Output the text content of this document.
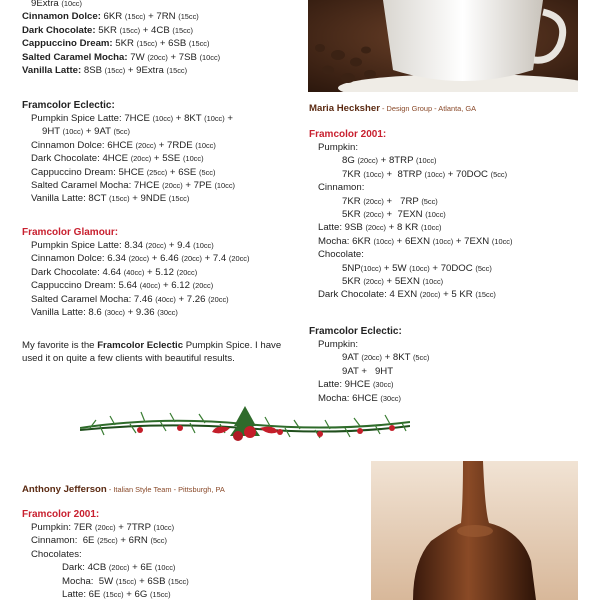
9Extra (10cc)
Cinnamon Dolce: 6KR (15cc) + 7RN (15cc)
Dark Chocolate: 5KR (15cc) + 4CB (15cc)
Cappuccino Dream: 5KR (15cc) + 6SB (15cc)
Salted Caramel Mocha: 7W (20cc) + 7SB (10cc)
Vanilla Latte: 8SB (15cc) + 9Extra (15cc)
Framcolor Eclectic:
Pumpkin Spice Latte: 7HCE (10cc) + 8KT (10cc) +
9HT (10cc) + 9AT (5cc)
Cinnamon Dolce: 6HCE (20cc) + 7RDE (10cc)
Dark Chocolate: 4HCE (20cc) + 5SE (10cc)
Cappuccino Dream: 5HCE (25cc) + 6SE (5cc)
Salted Caramel Mocha: 7HCE (20cc) + 7PE (10cc)
Vanilla Latte: 8CT (15cc) + 9NDE (15cc)
Framcolor Glamour:
Pumpkin Spice Latte: 8.34 (20cc) + 9.4 (10cc)
Cinnamon Dolce: 6.34 (20cc) + 6.46 (20cc) + 7.4 (20cc)
Dark Chocolate: 4.64 (40cc) + 5.12 (20cc)
Cappuccino Dream: 5.64 (40cc) + 6.12 (20cc)
Salted Caramel Mocha: 7.46 (40cc) + 7.26 (20cc)
Vanilla Latte: 8.6 (30cc) + 9.36 (30cc)
My favorite is the Framcolor Eclectic Pumpkin Spice. I have used it on quite a few clients with beautiful results.
Maria Hecksher - Design Group - Atlanta, GA
Framcolor 2001:
Pumpkin:
8G (20cc) + 8TRP (10cc)
7KR (10cc) +  8TRP (10cc) + 70DOC (5cc)
Cinnamon:
7KR (20cc) +   7RP (5cc)
5KR (20cc) +  7EXN (10cc)
Latte: 9SB (20cc) + 8 KR (10cc)
Mocha: 6KR (10cc) + 6EXN (10cc) + 7EXN (10cc)
Chocolate:
5NP(10cc) + 5W (10cc) + 70DOC (5cc)
5KR (20cc) + 5EXN (10cc)
Dark Chocolate: 4 EXN (20cc) + 5 KR (15cc)
Framcolor Eclectic:
Pumpkin:
9AT (20cc) + 8KT (5cc)
9AT +   9HT
Latte: 9HCE (30cc)
Mocha: 6HCE (30cc)
Anthony Jefferson - Italian Style Team - Pittsburgh, PA
Framcolor 2001:
Pumpkin: 7ER (20cc) + 7TRP (10cc)
Cinnamon:  6E (25cc) + 6RN (5cc)
Chocolates:
Dark: 4CB (20cc) + 6E (10cc)
Mocha:  5W (15cc) + 6SB (15cc)
Latte: 6E (15cc) + 6G (15cc)
